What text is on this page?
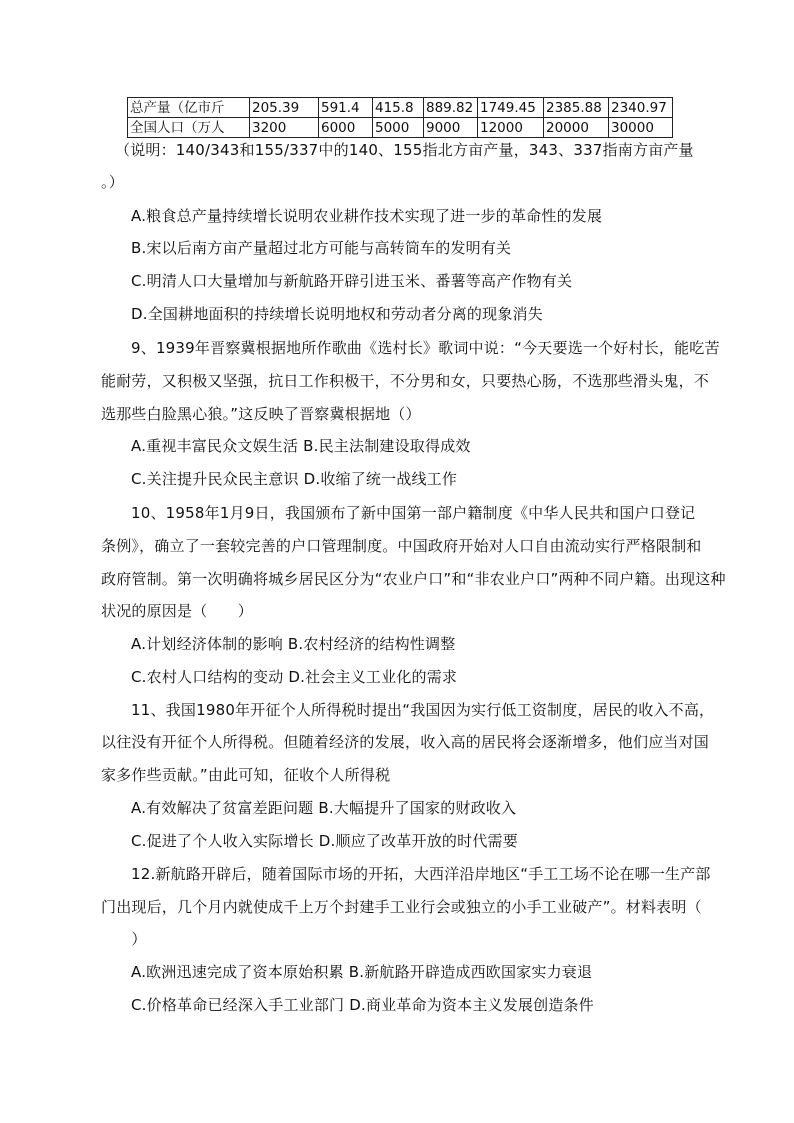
总产量（亿市斤	205.39	591.4	415.8	889.82	1749.45	2385.88	2340.97
全国人口（万人	3200	6000	5000	9000	12000	20000	30000
（说明：140/343和155/337中的140、155指北方亩产量，343、337指南方亩产量
。）
A.粮食总产量持续增长说明农业耕作技术实现了进一步的革命性的发展
B.宋以后南方亩产量超过北方可能与高转筒车的发明有关
C.明清人口大量增加与新航路开辟引进玉米、番薯等高产作物有关
D.全国耕地面积的持续增长说明地权和劳动者分离的现象消失
9、1939年晋察冀根据地所作歌曲《选村长》歌词中说：“今天要选一个好村长，能吃苦
能耐劳，又积极又坚强，抗日工作积极干，不分男和女，只要热心肠，不选那些滑头鬼，不
选那些白脸黑心狼。”这反映了晋察冀根据地（）
A.重视丰富民众文娱生活 B.民主法制建设取得成效
C.关注提升民众民主意识 D.收缩了统一战线工作
10、1958年1月9日，我国颁布了新中国第一部户籍制度《中华人民共和国户口登记
条例》，确立了一套较完善的户口管理制度。中国政府开始对人口自由流动实行严格限制和
政府管制。第一次明确将城乡居民区分为“农业户口”和“非农业户口”两种不同户籍。出现这种
状况的原因是（　　）
A.计划经济体制的影响 B.农村经济的结构性调整
C.农村人口结构的变动 D.社会主义工业化的需求
11、我国1980年开征个人所得税时提出“我国因为实行低工资制度，居民的收入不高，
以往没有开征个人所得税。但随着经济的发展，收入高的居民将会逐渐增多，他们应当对国
家多作些贡献。”由此可知，征收个人所得税
A.有效解决了贫富差距问题 B.大幅提升了国家的财政收入
C.促进了个人收入实际增长 D.顺应了改革开放的时代需要
12.新航路开辟后，随着国际市场的开拓，大西洋沿岸地区“手工工场不论在哪一生产部
门出现后，几个月内就使成千上万个封建手工业行会或独立的小手工业破产”。材料表明（
　　）
A.欧洲迅速完成了资本原始积累 B.新航路开辟造成西欧国家实力衰退
C.价格革命已经深入手工业部门 D.商业革命为资本主义发展创造条件
